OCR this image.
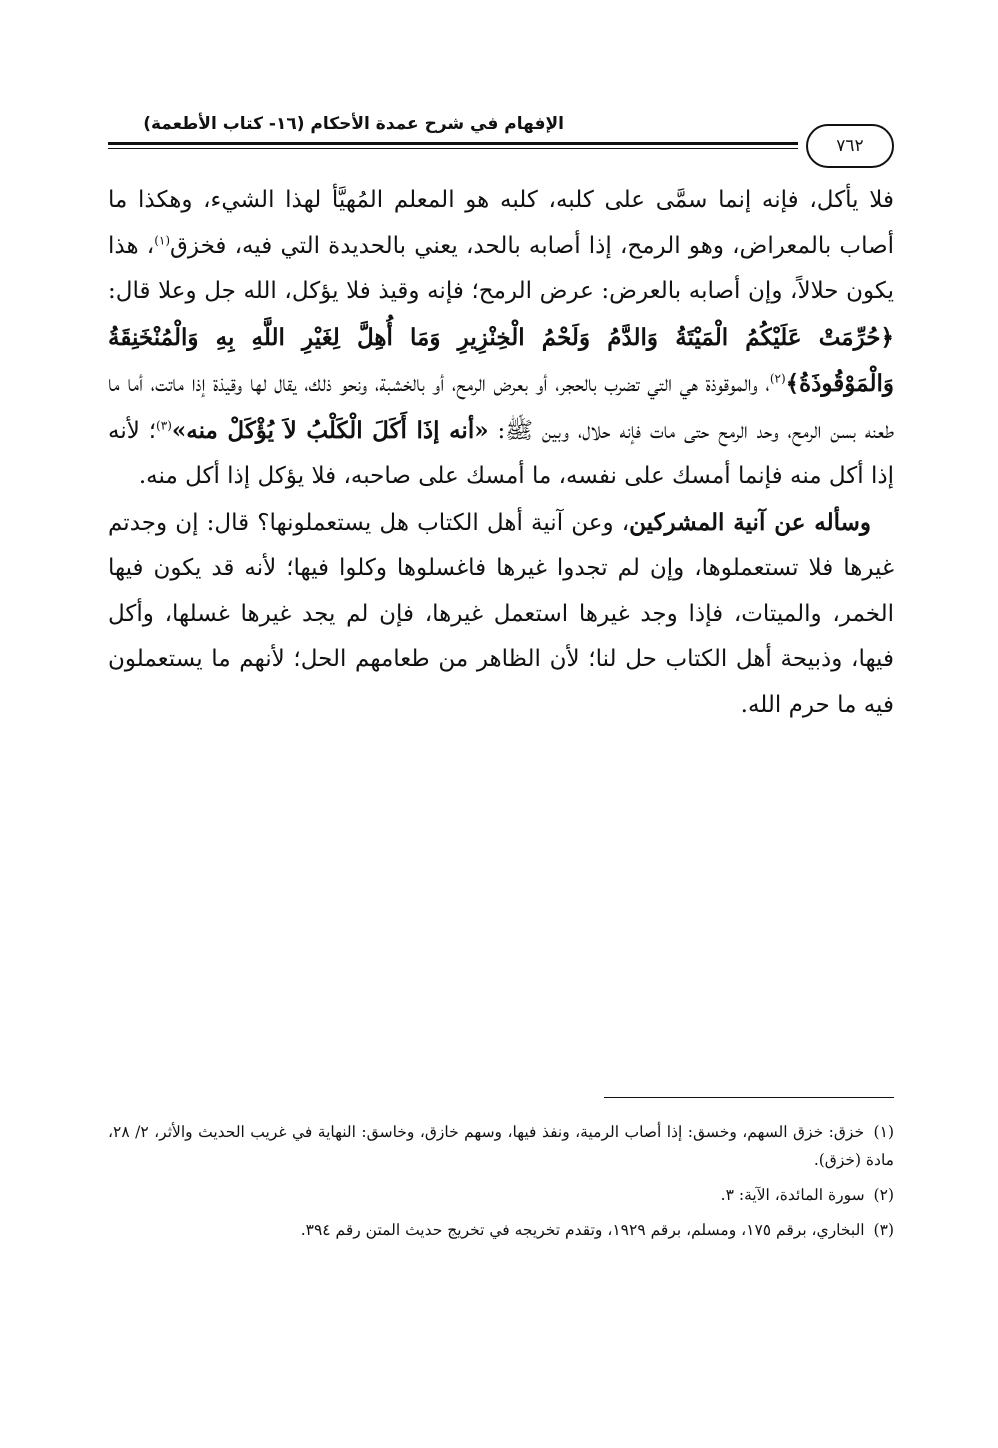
الإفهام في شرح عمدة الأحكام (١٦- كتاب الأطعمة)
٧٦٢

فلا يأكل، فإنه إنما سمَّى على كلبه، كلبه هو المعلم المُهيَّأ لهذا الشيء، وهكذا ما أصاب بالمعراض، وهو الرمح، إذا أصابه بالحد، يعني بالحديدة التي فيه، فخزق$^{(١)}$، هذا يكون حلالاً، وإن أصابه بالعرض: عرض الرمح؛ فإنه وقيذ فلا يؤكل، الله جل وعلا قال: ﴿حُرِّمَتْ عَلَيْكُمُ الْمَيْتَةُ وَالدَّمُ وَلَحْمُ الْخِنْزِيرِ وَمَا أُهِلَّ لِغَيْرِ اللَّهِ بِهِ وَالْمُنْخَنِقَةُ وَالْمَوْقُوذَةُ﴾$^{(٢)}$، والموقوذة هي التي تضرب بالحجر، أو بعرض الرمح، أو بالخشبة، ونحو ذلك، يقال لها وقيذة إذا ماتت، أما ما طعنه بسن الرمح، وحد الرمح حتى مات فإنه حلال، وبين ﷺ: «أنه إذَا أَكَلَ الْكَلْبُ لاَ يُؤْكَلْ منه»$^{(٣)}$؛ لأنه إذا أكل منه فإنما أمسك على نفسه، ما أمسك على صاحبه، فلا يؤكل إذا أكل منه.

 وسأله عن آنية المشركين، وعن آنية أهل الكتاب هل يستعملونها؟ قال: إن وجدتم غيرها فلا تستعملوها، وإن لم تجدوا غيرها فاغسلوها وكلوا فيها؛ لأنه قد يكون فيها الخمر، والميتات، فإذا وجد غيرها استعمل غيرها، فإن لم يجد غيرها غسلها، وأكل فيها، وذبيحة أهل الكتاب حل لنا؛ لأن الظاهر من طعامهم الحل؛ لأنهم ما يستعملون فيه ما حرم الله.

(١) خزق: خزق السهم، وخسق: إذا أصاب الرمية، ونفذ فيها، وسهم خازق، وخاسق: النهاية في غريب الحديث والأثر، ٢/ ٢٨، مادة (خزق).

(٢) سورة المائدة، الآية: ٣.

(٣) البخاري، برقم ١٧٥، ومسلم، برقم ١٩٢٩، وتقدم تخريجه في تخريج حديث المتن رقم ٣٩٤.
